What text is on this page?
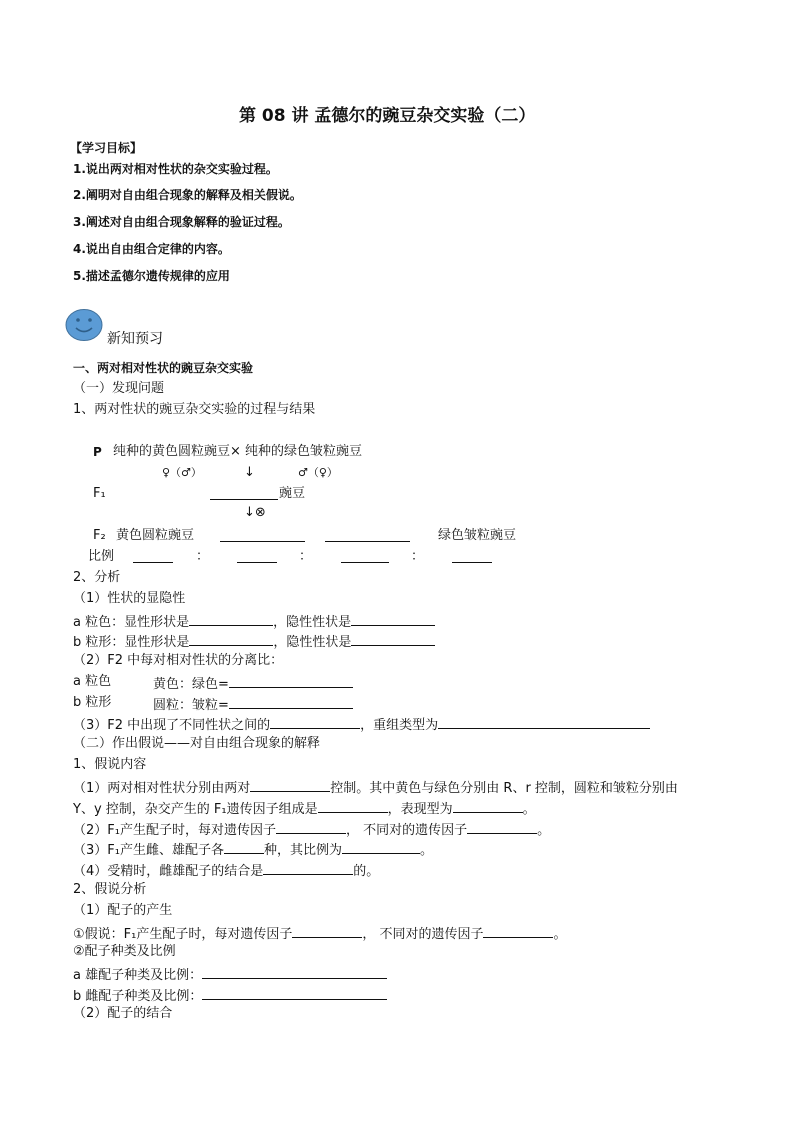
第 08 讲 孟德尔的豌豆杂交实验（二）
【学习目标】
1.说出两对相对性状的杂交实验过程。
2.阐明对自由组合现象的解释及相关假说。
3.阐述对自由组合现象解释的验证过程。
4.说出自由组合定律的内容。
5.描述孟德尔遗传规律的应用
新知预习
一、两对相对性状的豌豆杂交实验
（一）发现问题
1、两对性状的豌豆杂交实验的过程与结果
P 纯种的黄色圆粒豌豆× 纯种的绿色皱粒豌豆
♀（♂）	↓	♂（♀）
F₁	豌豆
↓⊗
F₂ 黄色圆粒豌豆	绿色皱粒豌豆
比例	：	：	：
2、分析
（1）性状的显隐性
a 粒色：显性形状是	，隐性性状是
b 粒形：显性形状是	，隐性性状是
（2）F2 中每对相对性状的分离比：
a 粒色	黄色：绿色=
b 粒形	圆粒：皱粒=
（3）F2 中出现了不同性状之间的	，重组类型为
（二）作出假说——对自由组合现象的解释
1、假说内容
（1）两对相对性状分别由两对	控制。其中黄色与绿色分别由 R、r 控制，圆粒和皱粒分别由
Y、y 控制，杂交产生的 F₁遗传因子组成是	，表现型为	。
（2）F₁产生配子时，每对遗传因子	， 不同对的遗传因子	。
（3）F₁产生雌、雄配子各	种，其比例为	。
（4）受精时，雌雄配子的结合是	的。
2、假说分析
（1）配子的产生
①假说：F₁产生配子时，每对遗传因子	， 不同对的遗传因子	。
②配子种类及比例
a 雄配子种类及比例：
b 雌配子种类及比例：
（2）配子的结合
